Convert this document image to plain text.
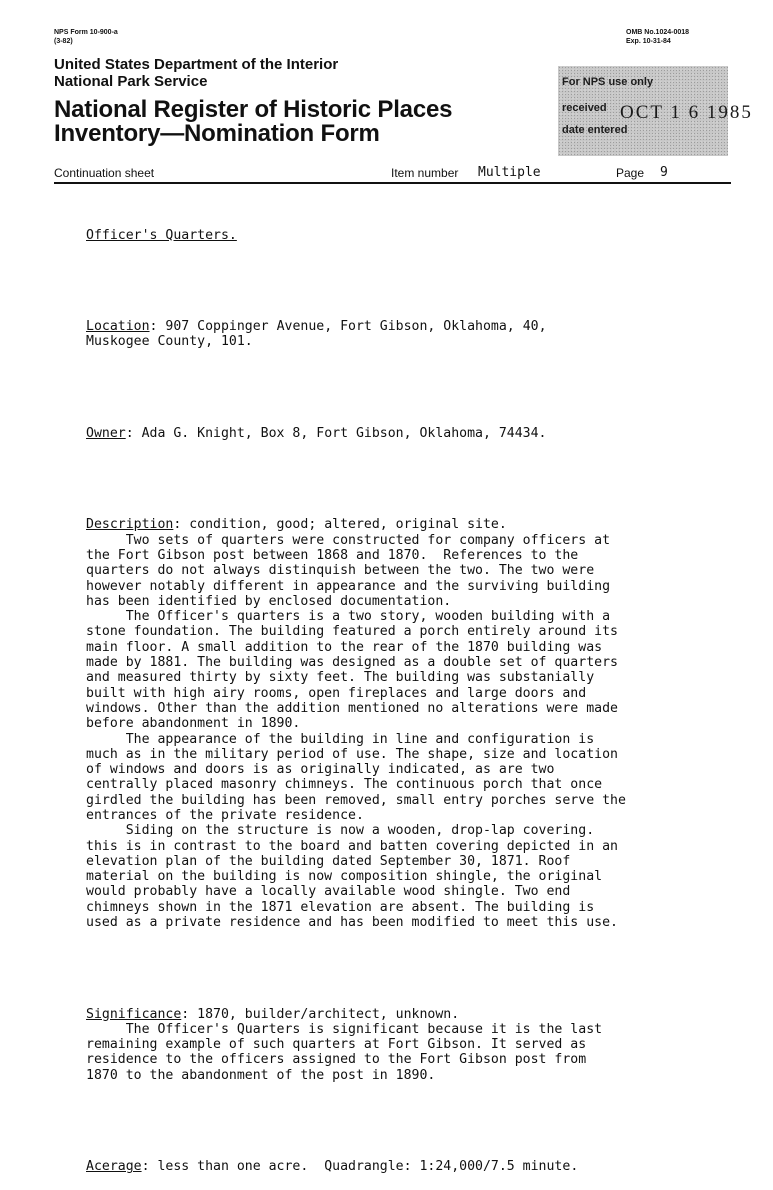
NPS Form 10-900-a
(3-82)
OMB No.1024-0018
Exp. 10-31-84
United States Department of the Interior
National Park Service
National Register of Historic Places
Inventory—Nomination Form
For NPS use only
received OCT 1 6 1985
date entered
Continuation sheet	Item number Multiple	Page 9

Officer's Quarters.

Location: 907 Coppinger Avenue, Fort Gibson, Oklahoma, 40,
Muskogee County, 101.

Owner: Ada G. Knight, Box 8, Fort Gibson, Oklahoma, 74434.

Description: condition, good; altered, original site.
Two sets of quarters were constructed for company officers at
the Fort Gibson post between 1868 and 1870.  References to the
quarters do not always distinquish between the two. The two were
however notably different in appearance and the surviving building
has been identified by enclosed documentation.
The Officer's quarters is a two story, wooden building with a
stone foundation. The building featured a porch entirely around its
main floor. A small addition to the rear of the 1870 building was
made by 1881. The building was designed as a double set of quarters
and measured thirty by sixty feet. The building was substanially
built with high airy rooms, open fireplaces and large doors and
windows. Other than the addition mentioned no alterations were made
before abandonment in 1890.
The appearance of the building in line and configuration is
much as in the military period of use. The shape, size and location
of windows and doors is as originally indicated, as are two
centrally placed masonry chimneys. The continuous porch that once
girdled the building has been removed, small entry porches serve the
entrances of the private residence.
Siding on the structure is now a wooden, drop-lap covering.
this is in contrast to the board and batten covering depicted in an
elevation plan of the building dated September 30, 1871. Roof
material on the building is now composition shingle, the original
would probably have a locally available wood shingle. Two end
chimneys shown in the 1871 elevation are absent. The building is
used as a private residence and has been modified to meet this use.

Significance: 1870, builder/architect, unknown.
The Officer's Quarters is significant because it is the last
remaining example of such quarters at Fort Gibson. It served as
residence to the officers assigned to the Fort Gibson post from
1870 to the abandonment of the post in 1890.

Acerage: less than one acre.  Quadrangle: 1:24,000/7.5 minute.
